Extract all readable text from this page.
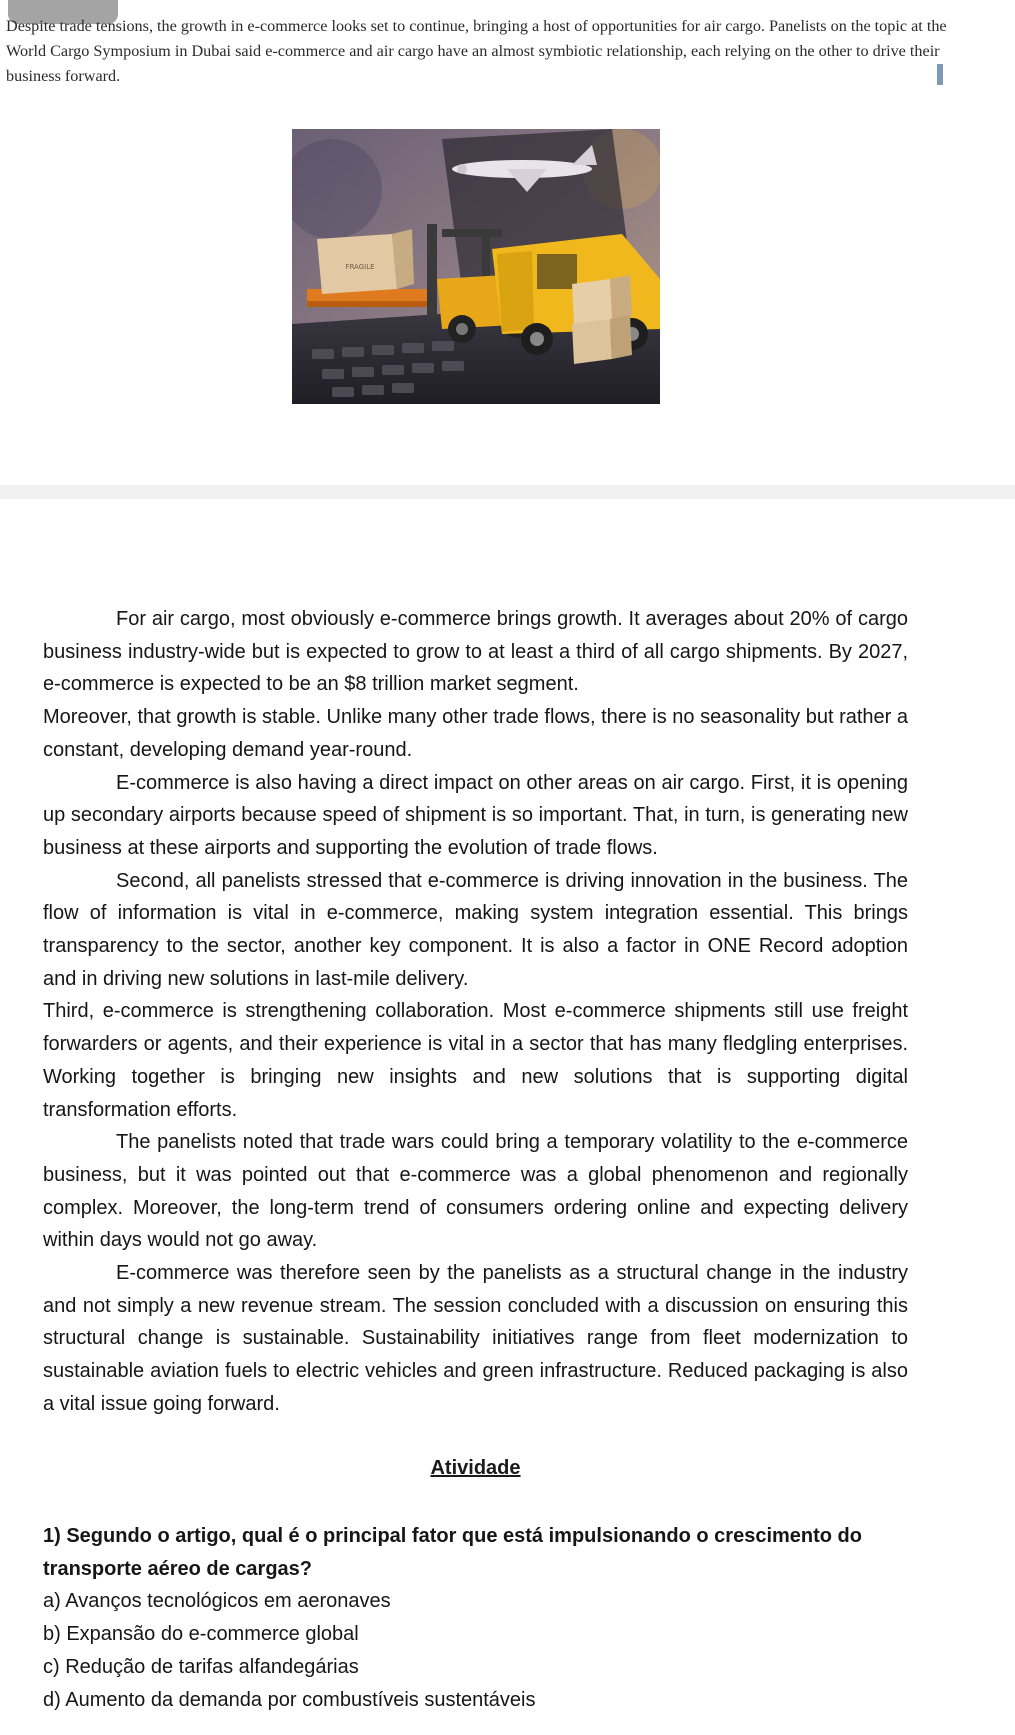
Despite trade tensions, the growth in e-commerce looks set to continue, bringing a host of opportunities for air cargo. Panelists on the topic at the World Cargo Symposium in Dubai said e-commerce and air cargo have an almost symbiotic relationship, each relying on the other to drive their business forward.

FRAGILE

For air cargo, most obviously e-commerce brings growth. It averages about 20% of cargo business industry-wide but is expected to grow to at least a third of all cargo shipments. By 2027, e-commerce is expected to be an $8 trillion market segment.

Moreover, that growth is stable. Unlike many other trade flows, there is no seasonality but rather a constant, developing demand year-round.

E-commerce is also having a direct impact on other areas on air cargo. First, it is opening up secondary airports because speed of shipment is so important. That, in turn, is generating new business at these airports and supporting the evolution of trade flows.

Second, all panelists stressed that e-commerce is driving innovation in the business. The flow of information is vital in e-commerce, making system integration essential. This brings transparency to the sector, another key component. It is also a factor in ONE Record adoption and in driving new solutions in last-mile delivery.

Third, e-commerce is strengthening collaboration. Most e-commerce shipments still use freight forwarders or agents, and their experience is vital in a sector that has many fledgling enterprises. Working together is bringing new insights and new solutions that is supporting digital transformation efforts.

The panelists noted that trade wars could bring a temporary volatility to the e-commerce business, but it was pointed out that e-commerce was a global phenomenon and regionally complex. Moreover, the long-term trend of consumers ordering online and expecting delivery within days would not go away.

E-commerce was therefore seen by the panelists as a structural change in the industry and not simply a new revenue stream. The session concluded with a discussion on ensuring this structural change is sustainable. Sustainability initiatives range from fleet modernization to sustainable aviation fuels to electric vehicles and green infrastructure. Reduced packaging is also a vital issue going forward.

Atividade

1) Segundo o artigo, qual é o principal fator que está impulsionando o crescimento do transporte aéreo de cargas?

a) Avanços tecnológicos em aeronaves

b) Expansão do e-commerce global

c) Redução de tarifas alfandegárias

d) Aumento da demanda por combustíveis sustentáveis
